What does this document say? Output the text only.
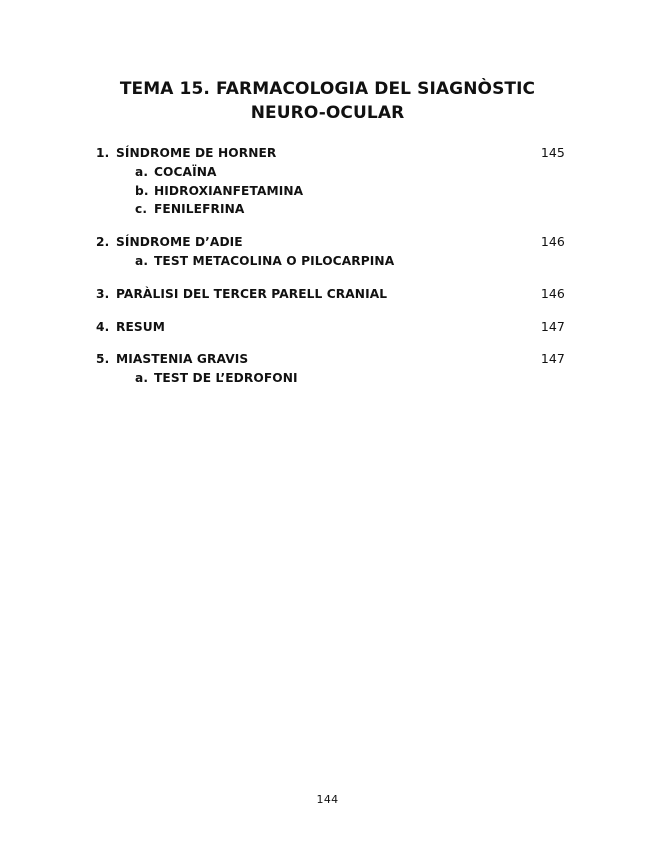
TEMA 15. FARMACOLOGIA DEL SIAGNÒSTIC
NEURO-OCULAR
1. SÍNDROME DE HORNER	145
a. COCAÏNA
b. HIDROXIANFETAMINA
c. FENILEFRINA
2. SÍNDROME D’ADIE	146
a. TEST METACOLINA O PILOCARPINA
3. PARÀLISI DEL TERCER PARELL CRANIAL	146
4. RESUM	147
5. MIASTENIA GRAVIS	147
a. TEST DE L’EDROFONI
144
